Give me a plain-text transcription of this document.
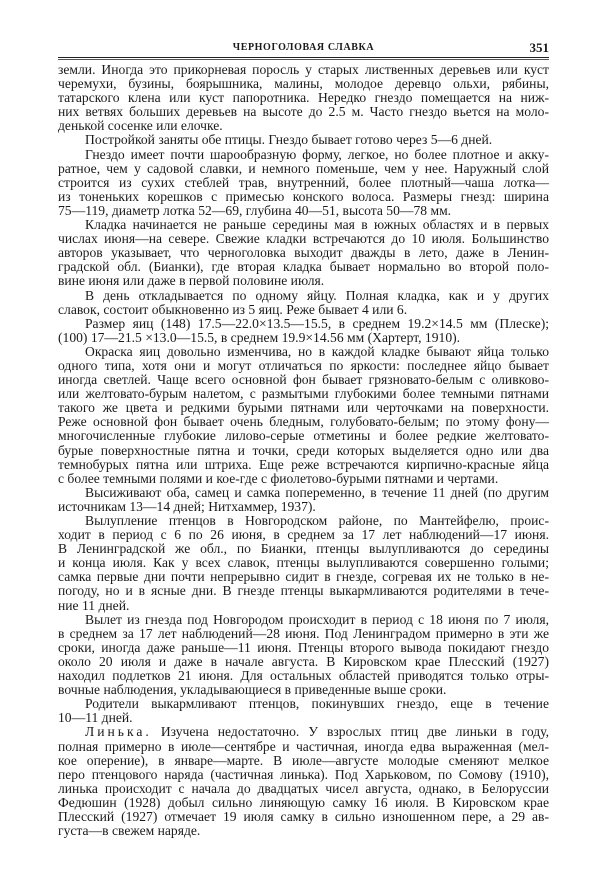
ЧЕРНОГОЛОВАЯ СЛАВКА	351
земли. Иногда это прикорневая поросль у старых лиственных деревьев или куст
черемухи, бузины, боярышника, малины, молодое деревцо ольхи, рябины,
татарского клена или куст папоротника. Нередко гнездо помещается на ниж-
них ветвях больших деревьев на высоте до 2.5 м. Часто гнездо вьется на моло-
денькой сосенке или елочке.
Постройкой заняты обе птицы. Гнездо бывает готово через 5—6 дней.
Гнездо имеет почти шарообразную форму, легкое, но более плотное и акку-
ратное, чем у садовой славки, и немного поменьше, чем у нее. Наружный слой
строится из сухих стеблей трав, внутренний, более плотный—чаша лотка—
из тоненьких корешков с примесью конского волоса. Размеры гнезд: ширина
75—119, диаметр лотка 52—69, глубина 40—51, высота 50—78 мм.
Кладка начинается не раньше середины мая в южных областях и в первых
числах июня—на севере. Свежие кладки встречаются до 10 июля. Большинство
авторов указывает, что черноголовка выходит дважды в лето, даже в Ленин-
градской обл. (Бианки), где вторая кладка бывает нормально во второй поло-
вине июня или даже в первой половине июля.
В день откладывается по одному яйцу. Полная кладка, как и у других
славок, состоит обыкновенно из 5 яиц. Реже бывает 4 или 6.
Размер яиц (148) 17.5—22.0×13.5—15.5, в среднем 19.2×14.5 мм (Плеске);
(100) 17—21.5 ×13.0—15.5, в среднем 19.9×14.56 мм (Хартерт, 1910).
Окраска яиц довольно изменчива, но в каждой кладке бывают яйца только
одного типа, хотя они и могут отличаться по яркости: последнее яйцо бывает
иногда светлей. Чаще всего основной фон бывает грязновато-белым с оливково-
или желтовато-бурым налетом, с размытыми глубокими более темными пятнами
такого же цвета и редкими бурыми пятнами или черточками на поверхности.
Реже основной фон бывает очень бледным, голубовато-белым; по этому фону—
многочисленные глубокие лилово-серые отметины и более редкие желтовато-
бурые поверхностные пятна и точки, среди которых выделяется одно или два
темнобурых пятна или штриха. Еще реже встречаются кирпично-красные яйца
с более темными полями и кое-где с фиолетово-бурыми пятнами и чертами.
Высиживают оба, самец и самка попеременно, в течение 11 дней (по другим
источникам 13—14 дней; Нитхаммер, 1937).
Вылупление птенцов в Новгородском районе, по Мантейфелю, проис-
ходит в период с 6 по 26 июня, в среднем за 17 лет наблюдений—17 июня.
В Ленинградской же обл., по Бианки, птенцы вылупливаются до середины
и конца июля. Как у всех славок, птенцы вылупливаются совершенно голыми;
самка первые дни почти непрерывно сидит в гнезде, согревая их не только в не-
погоду, но и в ясные дни. В гнезде птенцы выкармливаются родителями в тече-
ние 11 дней.
Вылет из гнезда под Новгородом происходит в период с 18 июня по 7 июля,
в среднем за 17 лет наблюдений—28 июня. Под Ленинградом примерно в эти же
сроки, иногда даже раньше—11 июня. Птенцы второго вывода покидают гнездо
около 20 июля и даже в начале августа. В Кировском крае Плесский (1927)
находил подлетков 21 июня. Для остальных областей приводятся только отры-
вочные наблюдения, укладывающиеся в приведенные выше сроки.
Родители выкармливают птенцов, покинувших гнездо, еще в течение
10—11 дней.
Линька. Изучена недостаточно. У взрослых птиц две линьки в году,
полная примерно в июле—сентябре и частичная, иногда едва выраженная (мел-
кое оперение), в январе—марте. В июле—августе молодые сменяют мелкое
перо птенцового наряда (частичная линька). Под Харьковом, по Сомову (1910),
линька происходит с начала до двадцатых чисел августа, однако, в Белоруссии
Федюшин (1928) добыл сильно линяющую самку 16 июля. В Кировском крае
Плесский (1927) отмечает 19 июля самку в сильно изношенном пере, а 29 ав-
густа—в свежем наряде.
